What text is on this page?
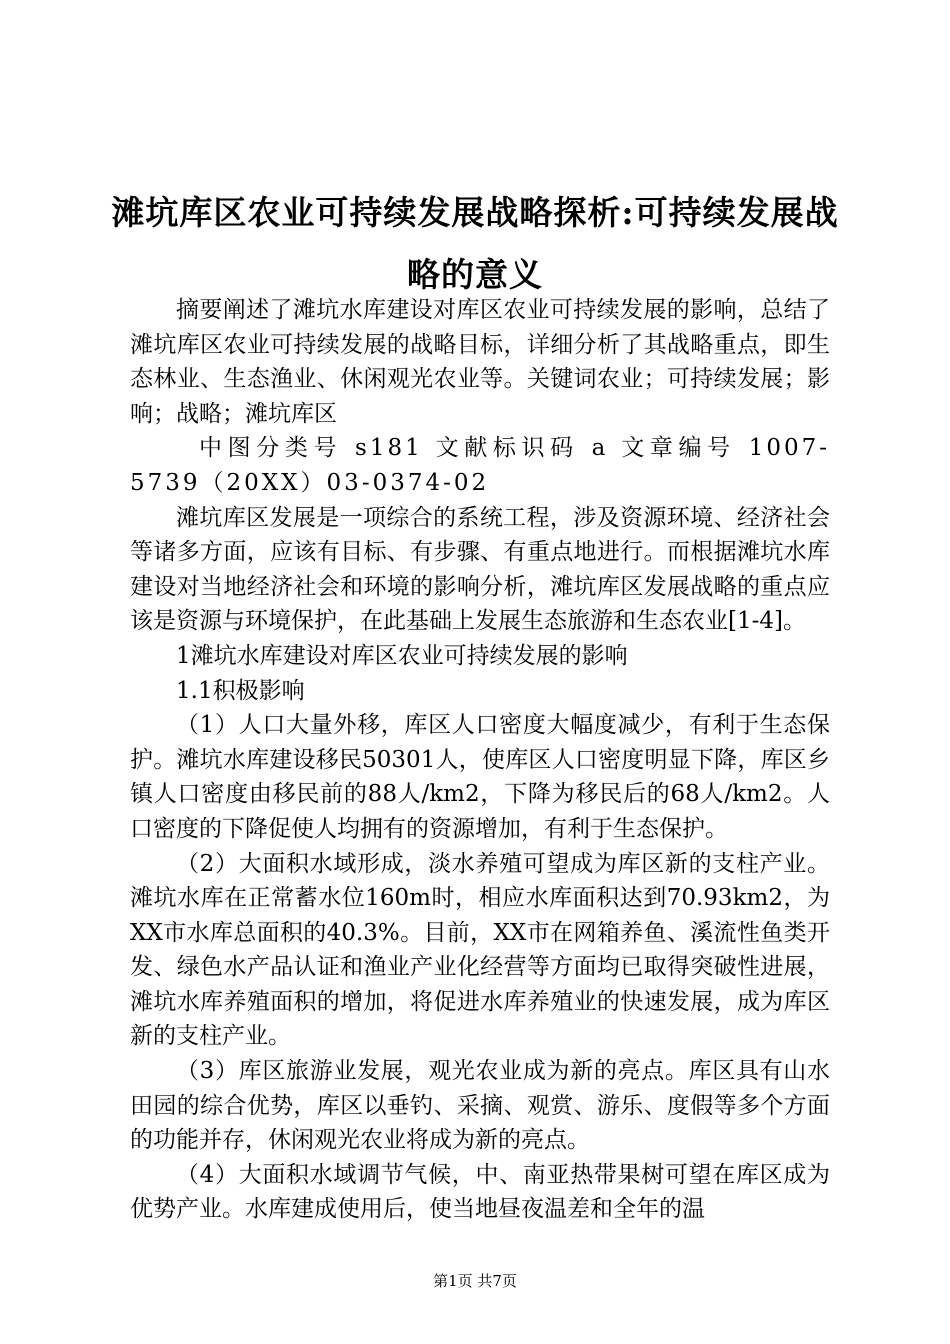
滩坑库区农业可持续发展战略探析:可持续发展战略的意义

摘要阐述了滩坑水库建设对库区农业可持续发展的影响，总结了滩坑库区农业可持续发展的战略目标，详细分析了其战略重点，即生态林业、生态渔业、休闲观光农业等。关键词农业；可持续发展；影响；战略；滩坑库区

中图分类号 s181 文献标识码 a 文章编号 1007-5739（20XX）03-0374-02

滩坑库区发展是一项综合的系统工程，涉及资源环境、经济社会等诸多方面，应该有目标、有步骤、有重点地进行。而根据滩坑水库建设对当地经济社会和环境的影响分析，滩坑库区发展战略的重点应该是资源与环境保护，在此基础上发展生态旅游和生态农业[1-4]。

1滩坑水库建设对库区农业可持续发展的影响

1.1积极影响

（1）人口大量外移，库区人口密度大幅度减少，有利于生态保护。滩坑水库建设移民50301人，使库区人口密度明显下降，库区乡镇人口密度由移民前的88人/km2，下降为移民后的68人/km2。人口密度的下降促使人均拥有的资源增加，有利于生态保护。

（2）大面积水域形成，淡水养殖可望成为库区新的支柱产业。滩坑水库在正常蓄水位160m时，相应水库面积达到70.93km2，为XX市水库总面积的40.3%。目前，XX市在网箱养鱼、溪流性鱼类开发、绿色水产品认证和渔业产业化经营等方面均已取得突破性进展，滩坑水库养殖面积的增加，将促进水库养殖业的快速发展，成为库区新的支柱产业。

（3）库区旅游业发展，观光农业成为新的亮点。库区具有山水田园的综合优势，库区以垂钓、采摘、观赏、游乐、度假等多个方面的功能并存，休闲观光农业将成为新的亮点。

（4）大面积水域调节气候，中、南亚热带果树可望在库区成为优势产业。水库建成使用后，使当地昼夜温差和全年的温

第1页 共7页
